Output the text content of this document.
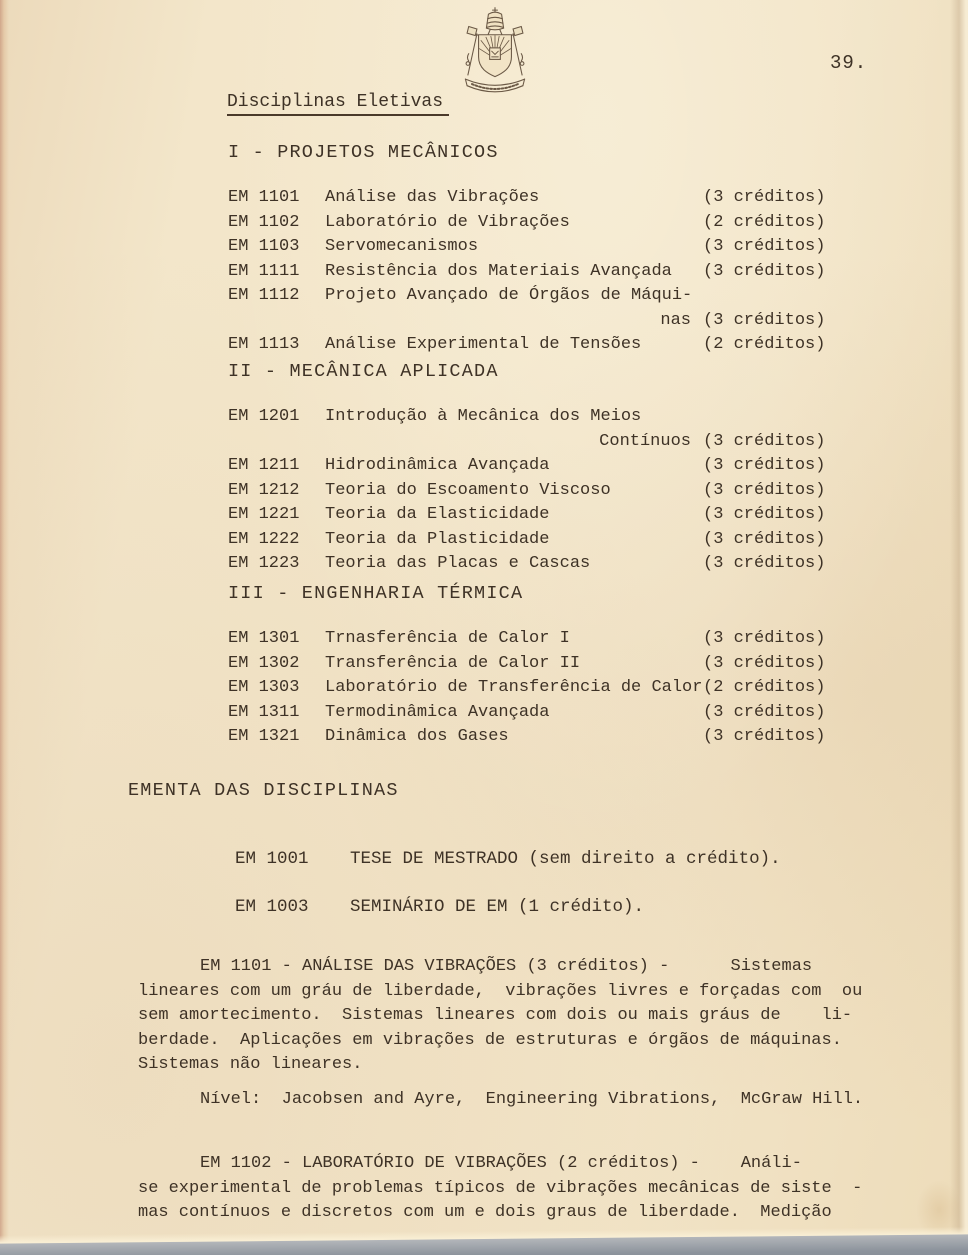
39.
Disciplinas Eletivas
I - PROJETOS MECÂNICOS
EM 1101	Análise das Vibrações	(3 créditos)
EM 1102	Laboratório de Vibrações	(2 créditos)
EM 1103	Servomecanismos	(3 créditos)
EM 1111	Resistência dos Materiais Avançada	(3 créditos)
EM 1112	Projeto Avançado de Órgãos de Máqui-
nas (3 créditos)
EM 1113	Análise Experimental de Tensões	(2 créditos)
II - MECÂNICA APLICADA
EM 1201	Introdução à Mecânica dos Meios
Contínuos (3 créditos)
EM 1211	Hidrodinâmica Avançada	(3 créditos)
EM 1212	Teoria do Escoamento Viscoso	(3 créditos)
EM 1221	Teoria da Elasticidade	(3 créditos)
EM 1222	Teoria da Plasticidade	(3 créditos)
EM 1223	Teoria das Placas e Cascas	(3 créditos)
III - ENGENHARIA TÉRMICA
EM 1301	Trnasferência de Calor I	(3 créditos)
EM 1302	Transferência de Calor II	(3 créditos)
EM 1303	Laboratório de Transferência de Calor (2 créditos)
EM 1311	Termodinâmica Avançada	(3 créditos)
EM 1321	Dinâmica dos Gases	(3 créditos)
EMENTA DAS DISCIPLINAS
EM 1001	TESE DE MESTRADO (sem direito a crédito).
EM 1003	SEMINÁRIO DE EM (1 crédito).
EM 1101 - ANÁLISE DAS VIBRAÇÕES (3 créditos) -      Sistemas
lineares com um gráu de liberdade,  vibrações livres e forçadas com  ou
sem amortecimento.  Sistemas lineares com dois ou mais gráus de    li-
berdade.  Aplicações em vibrações de estruturas e órgãos de máquinas.
Sistemas não lineares.
Nível:  Jacobsen and Ayre,  Engineering Vibrations,  McGraw Hill.
EM 1102 - LABORATÓRIO DE VIBRAÇÕES (2 créditos) -    Análi-
se experimental de problemas típicos de vibrações mecânicas de siste  -
mas contínuos e discretos com um e dois graus de liberdade.  Medição
